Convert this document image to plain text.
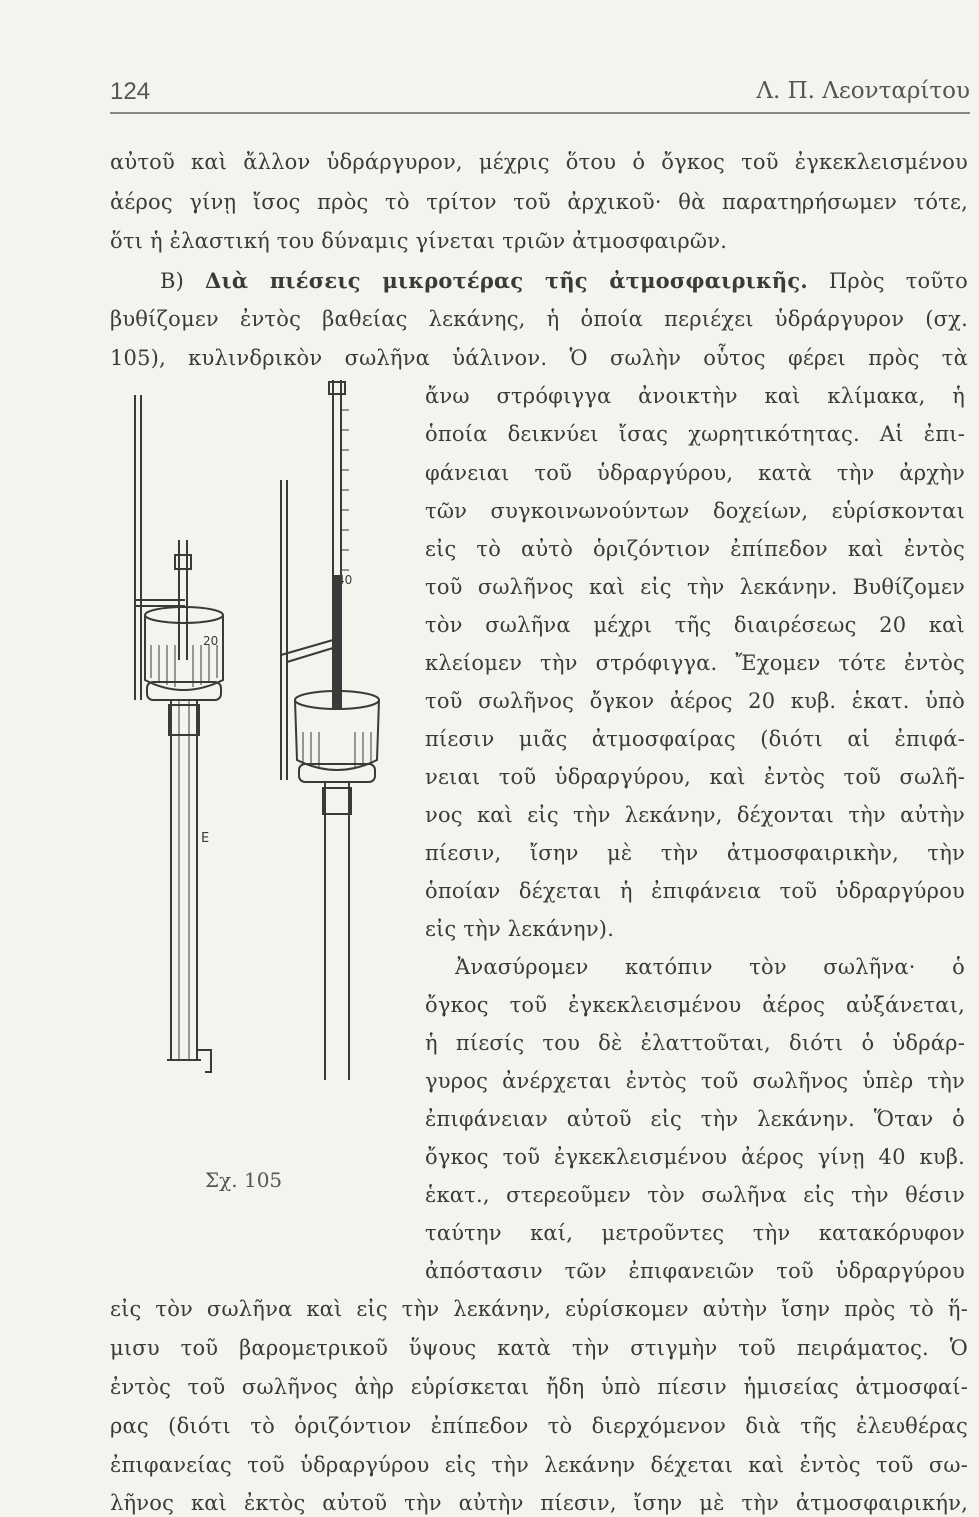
124	Λ. Π. Λεονταρίτου
αὐτοῦ καὶ ἄλλον ὑδράργυρον, μέχρις ὅτου ὁ ὄγκος τοῦ ἐγκεκλεισμένου
ἀέρος γίνῃ ἴσος πρὸς τὸ τρίτον τοῦ ἀρχικοῦ· θὰ παρατηρήσωμεν τότε,
ὅτι ἡ ἐλαστική του δύναμις γίνεται τριῶν ἀτμοσφαιρῶν.
Β) Διὰ πιέσεις μικροτέρας τῆς ἀτμοσφαιρικῆς. Πρὸς τοῦτο
βυθίζομεν ἐντὸς βαθείας λεκάνης, ἡ ὁποία περιέχει ὑδράργυρον (σχ.
105), κυλινδρικὸν σωλῆνα ὑάλινον. Ὁ σωλὴν οὗτος φέρει πρὸς τὰ
ἄνω στρόφιγγα ἀνοικτὴν καὶ κλίμακα, ἡ
ὁποία δεικνύει ἴσας χωρητικότητας. Αἱ ἐπι-
φάνειαι τοῦ ὑδραργύρου, κατὰ τὴν ἀρχὴν
τῶν συγκοινωνούντων δοχείων, εὑρίσκονται
εἰς τὸ αὐτὸ ὁριζόντιον ἐπίπεδον καὶ ἐντὸς
τοῦ σωλῆνος καὶ εἰς τὴν λεκάνην. Βυθίζομεν
τὸν σωλῆνα μέχρι τῆς διαιρέσεως 20 καὶ
κλείομεν τὴν στρόφιγγα. Ἔχομεν τότε ἐντὸς
τοῦ σωλῆνος ὄγκον ἀέρος 20 κυβ. ἑκατ. ὑπὸ
πίεσιν μιᾶς ἀτμοσφαίρας (διότι αἱ ἐπιφά-
νειαι τοῦ ὑδραργύρου, καὶ ἐντὸς τοῦ σωλῆ-
νος καὶ εἰς τὴν λεκάνην, δέχονται τὴν αὐτὴν
πίεσιν, ἴσην μὲ τὴν ἀτμοσφαιρικὴν, τὴν
ὁποίαν δέχεται ἡ ἐπιφάνεια τοῦ ὑδραργύρου
εἰς τὴν λεκάνην).
Ἀνασύρομεν κατόπιν τὸν σωλῆνα· ὁ
ὄγκος τοῦ ἐγκεκλεισμένου ἀέρος αὐξάνεται,
ἡ πίεσίς του δὲ ἐλαττοῦται, διότι ὁ ὑδράρ-
γυρος ἀνέρχεται ἐντὸς τοῦ σωλῆνος ὑπὲρ τὴν
ἐπιφάνειαν αὐτοῦ εἰς τὴν λεκάνην. Ὅταν ὁ
ὄγκος τοῦ ἐγκεκλεισμένου ἀέρος γίνῃ 40 κυβ.
ἑκατ., στερεοῦμεν τὸν σωλῆνα εἰς τὴν θέσιν
ταύτην καί, μετροῦντες τὴν κατακόρυφον
ἀπόστασιν τῶν ἐπιφανειῶν τοῦ ὑδραργύρου
εἰς τὸν σωλῆνα καὶ εἰς τὴν λεκάνην, εὑρίσκομεν αὐτὴν ἴσην πρὸς τὸ ἥ-
μισυ τοῦ βαρομετρικοῦ ὕψους κατὰ τὴν στιγμὴν τοῦ πειράματος. Ὁ
ἐντὸς τοῦ σωλῆνος ἀὴρ εὑρίσκεται ἤδη ὑπὸ πίεσιν ἡμισείας ἀτμοσφαί-
ρας (διότι τὸ ὁριζόντιον ἐπίπεδον τὸ διερχόμενον διὰ τῆς ἐλευθέρας
ἐπιφανείας τοῦ ὑδραργύρου εἰς τὴν λεκάνην δέχεται καὶ ἐντὸς τοῦ σω-
λῆνος καὶ ἐκτὸς αὐτοῦ τὴν αὐτὴν πίεσιν, ἴσην μὲ τὴν ἀτμοσφαιρικήν,
20
40
E
Σχ. 105
